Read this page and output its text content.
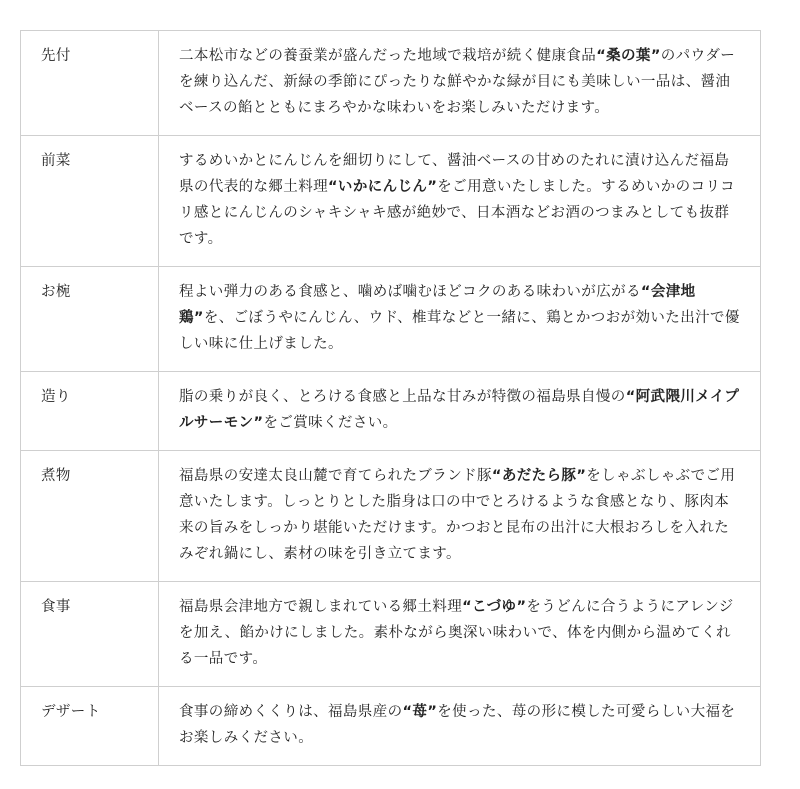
先付	二本松市などの養蚕業が盛んだった地域で栽培が続く健康食品“桑の葉”のパウダーを練り込んだ、新緑の季節にぴったりな鮮やかな緑が目にも美味しい一品は、醤油ベースの餡とともにまろやかな味わいをお楽しみいただけます。
前菜	するめいかとにんじんを細切りにして、醤油ベースの甘めのたれに漬け込んだ福島県の代表的な郷土料理“いかにんじん”をご用意いたしました。するめいかのコリコリ感とにんじんのシャキシャキ感が絶妙で、日本酒などお酒のつまみとしても抜群です。
お椀	程よい弾力のある食感と、噛めば噛むほどコクのある味わいが広がる“会津地鶏”を、ごぼうやにんじん、ウド、椎茸などと一緒に、鶏とかつおが効いた出汁で優しい味に仕上げました。
造り	脂の乗りが良く、とろける食感と上品な甘みが特徴の福島県自慢の“阿武隈川メイプルサーモン”をご賞味ください。
煮物	福島県の安達太良山麓で育てられたブランド豚“あだたら豚”をしゃぶしゃぶでご用意いたします。しっとりとした脂身は口の中でとろけるような食感となり、豚肉本来の旨みをしっかり堪能いただけます。かつおと昆布の出汁に大根おろしを入れたみぞれ鍋にし、素材の味を引き立てます。
食事	福島県会津地方で親しまれている郷土料理“こづゆ”をうどんに合うようにアレンジを加え、餡かけにしました。素朴ながら奥深い味わいで、体を内側から温めてくれる一品です。
デザート	食事の締めくくりは、福島県産の“苺”を使った、苺の形に模した可愛らしい大福をお楽しみください。
